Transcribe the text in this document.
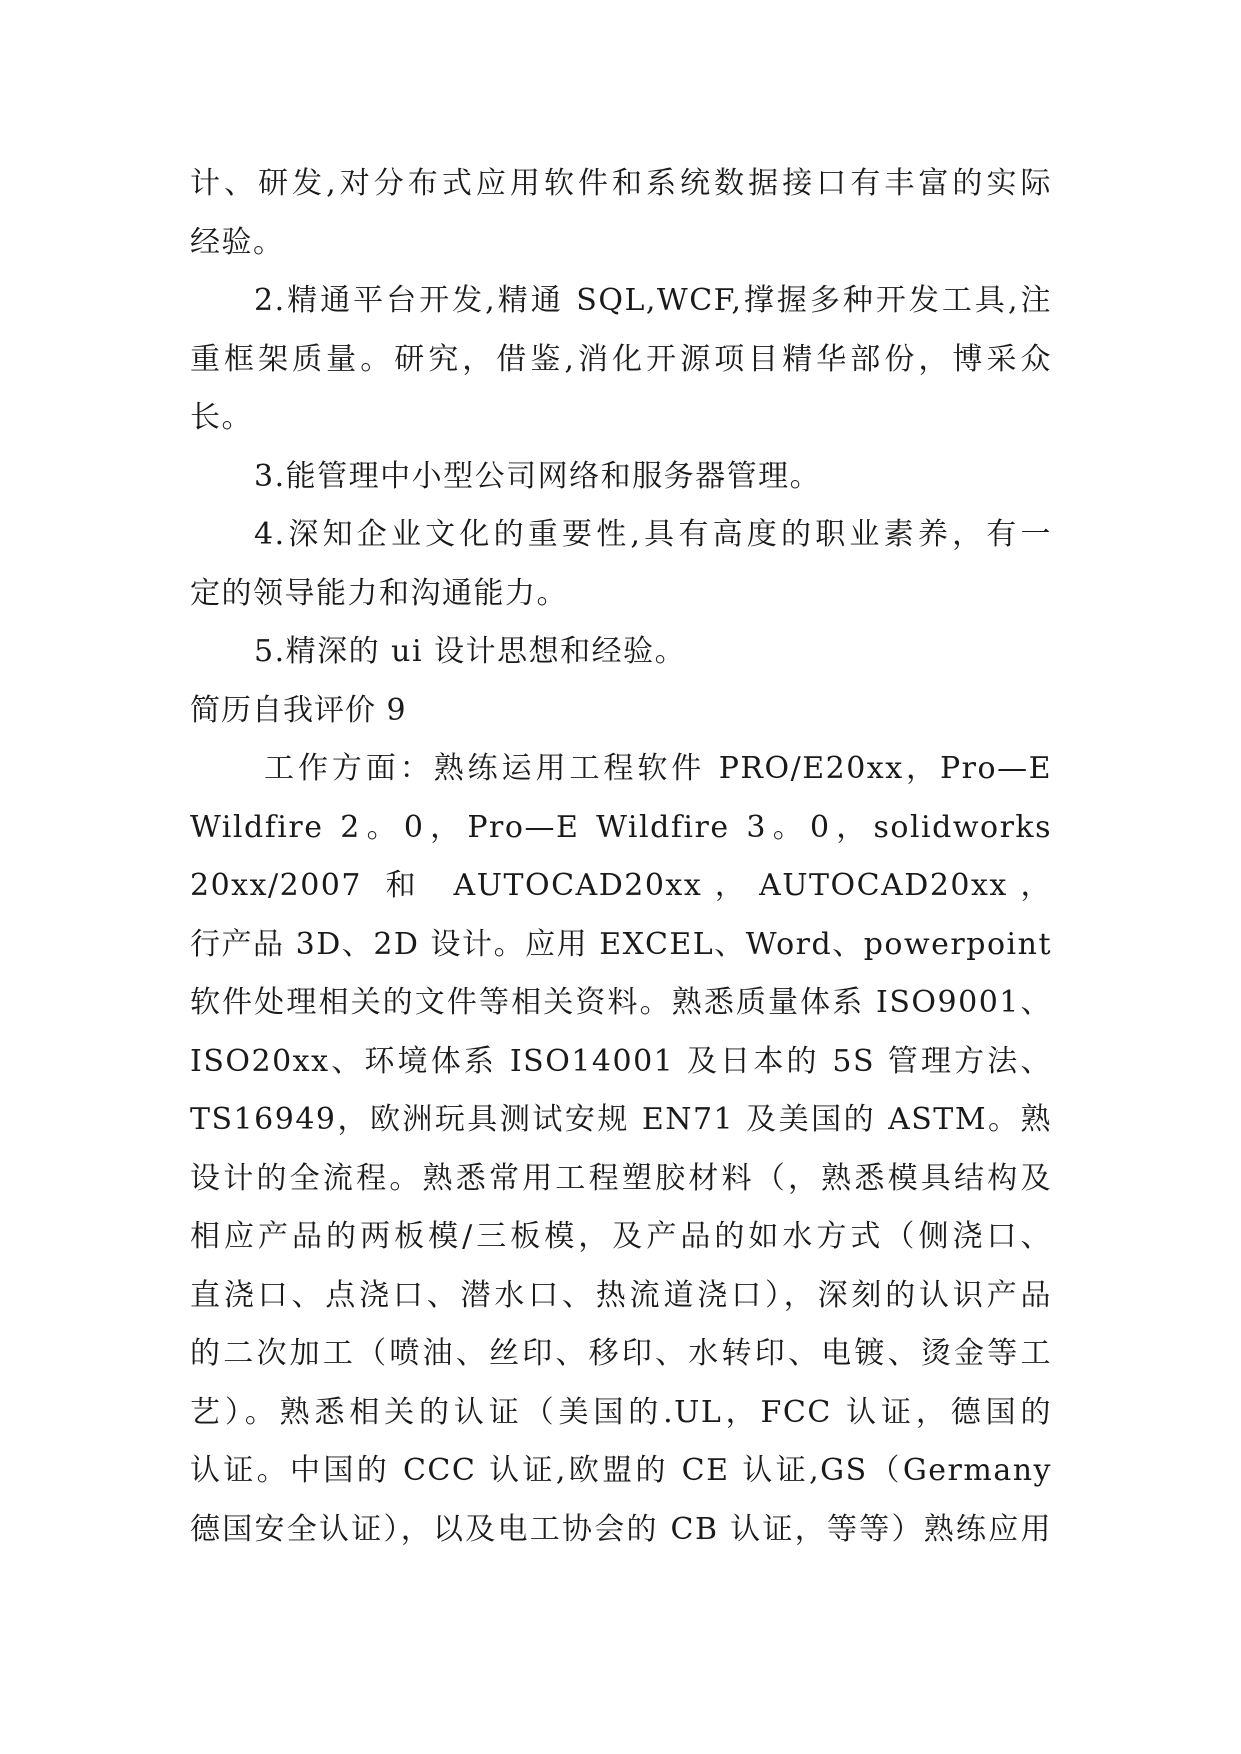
计、研发,对分布式应用软件和系统数据接口有丰富的实际
经验。
2.精通平台开发,精通 SQL,WCF,撑握多种开发工具,注
重框架质量。研究，借鉴,消化开源项目精华部份，博采众
长。
3.能管理中小型公司网络和服务器管理。
4.深知企业文化的重要性,具有高度的职业素养，有一
定的领导能力和沟通能力。
5.精深的 ui 设计思想和经验。
简历自我评价 9
工作方面：熟练运用工程软件 PRO/E20xx，Pro—E
Wildfire 2。0，Pro—E Wildfire 3。0，solidworks
20xx/2007 和 AUTOCAD20xx，AUTOCAD20xx，
行产品 3D、2D 设计。应用 EXCEL、Word、powerpoint
软件处理相关的文件等相关资料。熟悉质量体系 ISO9001、
ISO20xx、环境体系 ISO14001 及日本的 5S 管理方法、
TS16949，欧洲玩具测试安规 EN71 及美国的 ASTM。熟
设计的全流程。熟悉常用工程塑胶材料（，熟悉模具结构及
相应产品的两板模/三板模，及产品的如水方式（侧浇口、
直浇口、点浇口、潜水口、热流道浇口），深刻的认识产品
的二次加工（喷油、丝印、移印、水转印、电镀、烫金等工
艺）。熟悉相关的认证（美国的.UL，FCC 认证，德国的
认证。中国的 CCC 认证,欧盟的 CE 认证,GS（Germany
德国安全认证），以及电工协会的 CB 认证，等等）熟练应用
